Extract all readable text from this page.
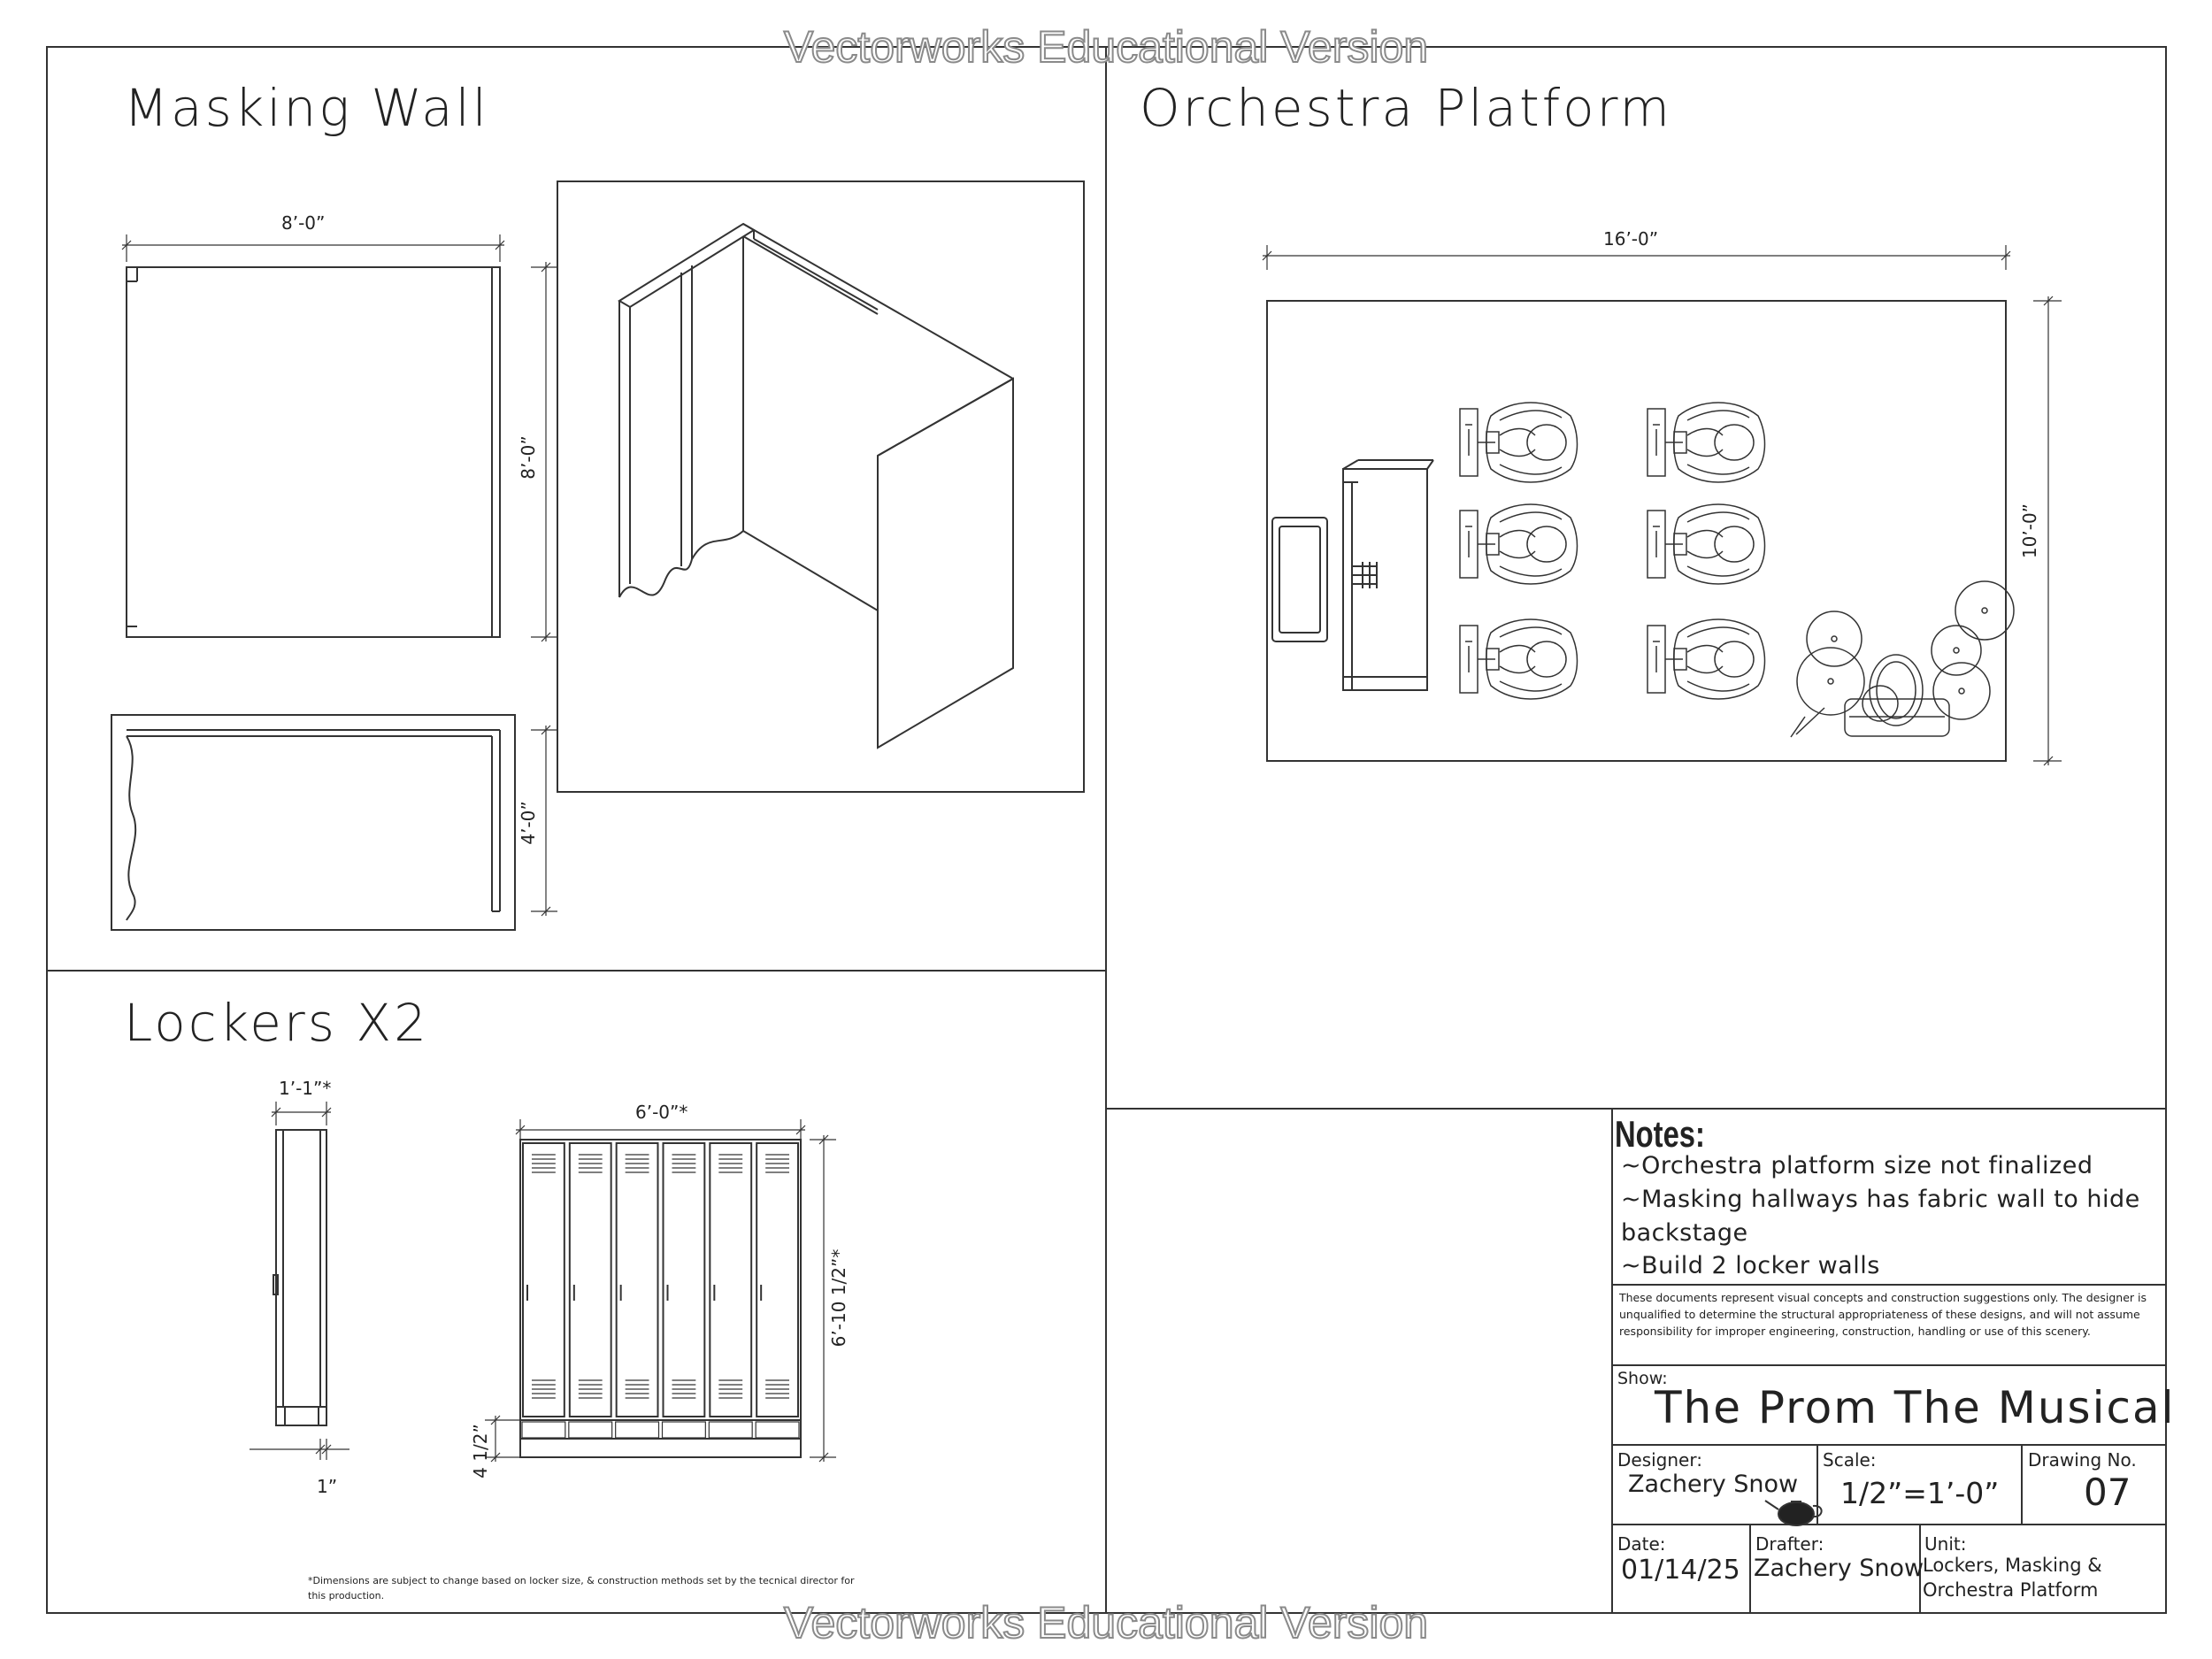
Vectorworks Educational Version
Vectorworks Educational Version
Masking Wall	Orchestra Platform
Lockers X2
8’-0”
8’-0”
4’-0”
16’-0”
10’-0”
1’-1”*
1”
6’-0”*
6’-10 1/2”*
4 1/2”
*Dimensions are subject to change based on locker size, & construction methods set by the tecnical director for this production.
Notes:
~Orchestra platform size not finalized
~Masking hallways has fabric wall to hide
backstage
~Build 2 locker walls
These documents represent visual concepts and construction suggestions only. The designer is unqualified to determine the structural appropriateness of these designs, and will not assume responsibility for improper engineering, construction, handling or use of this scenery.
Show:
The Prom The Musical
Designer:
Zachery Snow
Scale:
1/2”=1’-0”
Drawing No.
07
Date:
01/14/25
Drafter:
Zachery Snow
Unit:
Lockers, Masking &
Orchestra Platform
